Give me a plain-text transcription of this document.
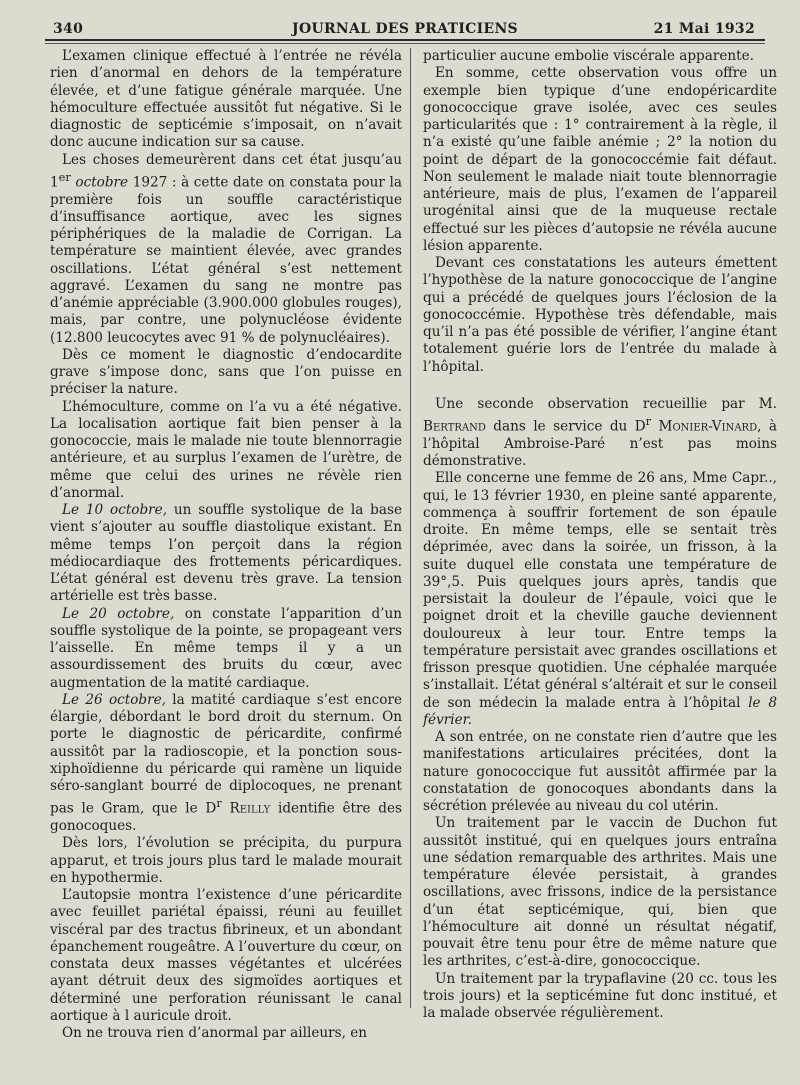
340	JOURNAL DES PRATICIENS	21 Mai 1932

L’examen clinique effectué à l’entrée ne révéla rien d’anormal en dehors de la température élevée, et d’une fatigue générale marquée. Une hémoculture effectuée aussitôt fut négative. Si le diagnostic de septicémie s’imposait, on n’avait donc aucune indication sur sa cause.

Les choses demeurèrent dans cet état jusqu’au 1er octobre 1927 : à cette date on constata pour la première fois un souffle caractéristique d’insuffisance aortique, avec les signes périphériques de la maladie de Corrigan. La température se maintient élevée, avec grandes oscillations. L’état général s’est nettement aggravé. L’examen du sang ne montre pas d’anémie appréciable (3.900.000 globules rouges), mais, par contre, une polynucléose évidente (12.800 leucocytes avec 91 % de polynucléaires).

Dès ce moment le diagnostic d’endocardite grave s’impose donc, sans que l’on puisse en préciser la nature.

L’hémoculture, comme on l’a vu a été négative. La localisation aortique fait bien penser à la gonococcie, mais le malade nie toute blennorragie antérieure, et au surplus l’examen de l’urètre, de même que celui des urines ne révèle rien d’anormal.

Le 10 octobre, un souffle systolique de la base vient s’ajouter au souffle diastolique existant. En même temps l’on perçoit dans la région médiocardiaque des frottements péricardiques. L’état général est devenu très grave. La tension artérielle est très basse.

Le 20 octobre, on constate l’apparition d’un souffle systolique de la pointe, se propageant vers l’aisselle. En même temps il y a un assourdissement des bruits du cœur, avec augmentation de la matité cardiaque.

Le 26 octobre, la matité cardiaque s’est encore élargie, débordant le bord droit du sternum. On porte le diagnostic de péricardite, confirmé aussitôt par la radioscopie, et la ponction sous-xiphoïdienne du péricarde qui ramène un liquide séro-sanglant bourré de diplocoques, ne prenant pas le Gram, que le $D^r$ Reilly identifie être des gonocoques.

Dès lors, l’évolution se précipita, du purpura apparut, et trois jours plus tard le malade mourait en hypothermie.

L’autopsie montra l’existence d’une péricardite avec feuillet pariétal épaissi, réuni au feuillet viscéral par des tractus fibrineux, et un abondant épanchement rougeâtre. A l’ouverture du cœur, on constata deux masses végétantes et ulcérées ayant détruit deux des sigmoïdes aortiques et déterminé une perforation réunissant le canal aortique à l auricule droit.

On ne trouva rien d’anormal par ailleurs, en

particulier aucune embolie viscérale apparente.

En somme, cette observation vous offre un exemple bien typique d’une endopéricardite gonococcique grave isolée, avec ces seules particularités que : 1° contrairement à la règle, il n’a existé qu’une faible anémie ; 2° la notion du point de départ de la gonococcémie fait défaut. Non seulement le malade niait toute blennorragie antérieure, mais de plus, l’examen de l’appareil urogénital ainsi que de la muqueuse rectale effectué sur les pièces d’autopsie ne révéla aucune lésion apparente.

Devant ces constatations les auteurs émettent l’hypothèse de la nature gonococcique de l’angine qui a précédé de quelques jours l’éclosion de la gonococcémie. Hypothèse très défendable, mais qu’il n’a pas été possible de vérifier, l’angine étant totalement guérie lors de l’entrée du malade à l’hôpital.

Une seconde observation recueillie par M. Bertrand dans le service du $D^r$ Monier-Vinard, à l’hôpital Ambroise-Paré n’est pas moins démonstrative.

Elle concerne une femme de 26 ans, Mme Capr.., qui, le 13 février 1930, en pleine santé apparente, commença à souffrir fortement de son épaule droite. En même temps, elle se sentait très déprimée, avec dans la soirée, un frisson, à la suite duquel elle constata une température de 39°,5. Puis quelques jours après, tandis que persistait la douleur de l’épaule, voici que le poignet droit et la cheville gauche deviennent douloureux à leur tour. Entre temps la température persistait avec grandes oscillations et frisson presque quotidien. Une céphalée marquée s’installait. L’état général s’altérait et sur le conseil de son médecin la malade entra à l’hôpital le 8 février.

A son entrée, on ne constate rien d’autre que les manifestations articulaires précitées, dont la nature gonococcique fut aussitôt affirmée par la constatation de gonocoques abondants dans la sécrétion prélevée au niveau du col utérin.

Un traitement par le vaccin de Duchon fut aussitôt institué, qui en quelques jours entraîna une sédation remarquable des arthrites. Mais une température élevée persistait, à grandes oscillations, avec frissons, indice de la persistance d’un état septicémique, qui, bien que l’hémoculture ait donné un résultat négatif, pouvait être tenu pour être de même nature que les arthrites, c’est-à-dire, gonococcique.

Un traitement par la trypaflavine (20 cc. tous les trois jours) et la septicémine fut donc institué, et la malade observée régulièrement.
